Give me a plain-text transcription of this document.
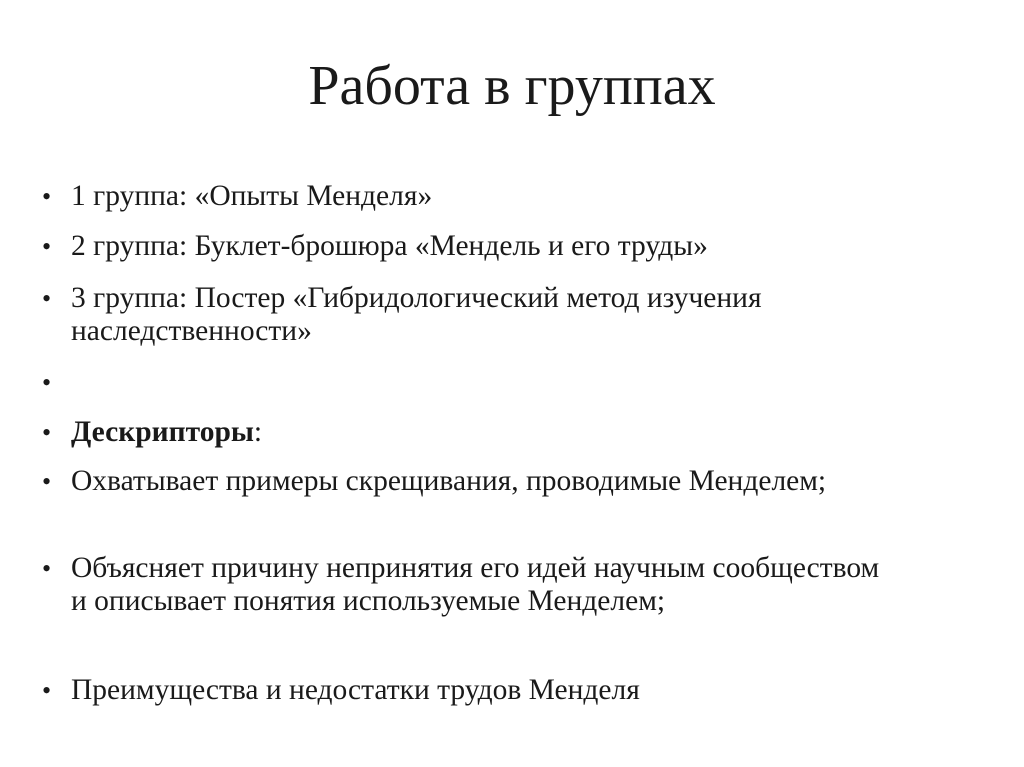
Работа в группах
• 1 группа: «Опыты Менделя»
• 2 группа: Буклет-брошюра «Мендель и его труды»
• 3 группа: Постер «Гибридологический метод изучения наследственности»
•
• Дескрипторы:
• Охватывает примеры скрещивания, проводимые Менделем;
• Объясняет причину непринятия его идей научным сообществом и описывает понятия используемые Менделем;
• Преимущества и недостатки трудов Менделя
